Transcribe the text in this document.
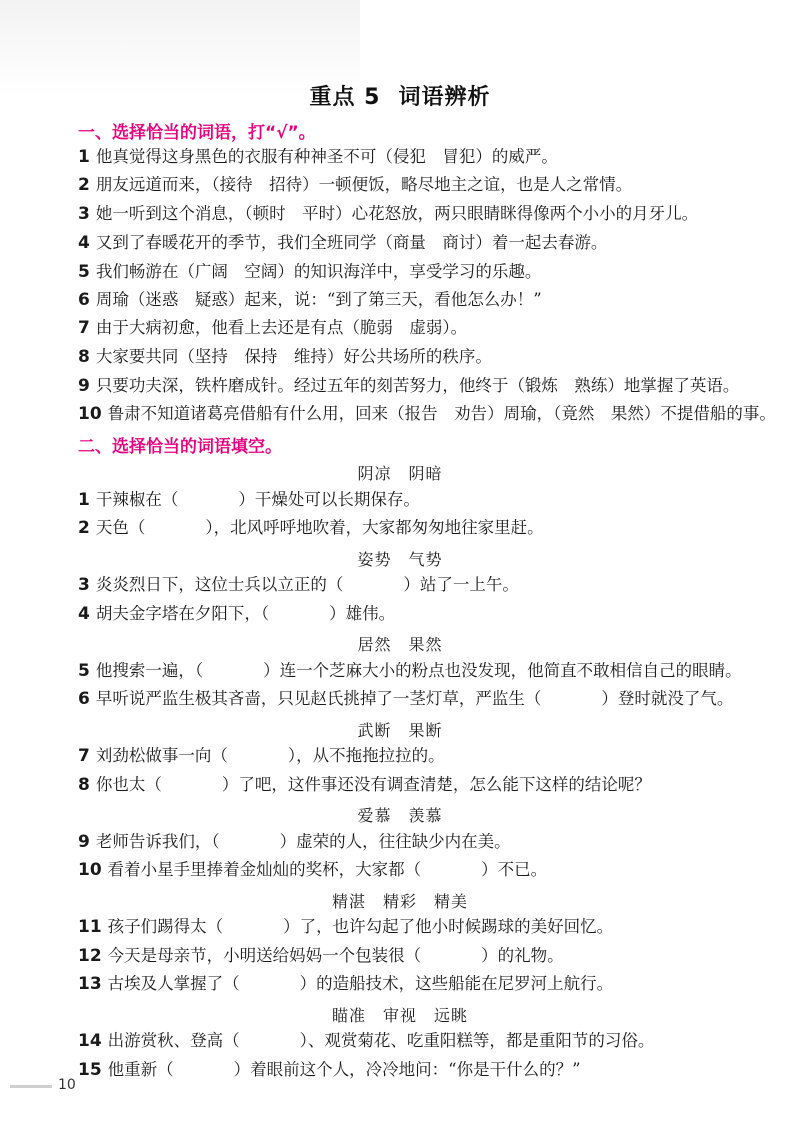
重点 5 词语辨析
一、选择恰当的词语，打“√”。
1 他真觉得这身黑色的衣服有种神圣不可（侵犯　冒犯）的威严。
2 朋友远道而来，（接待　招待）一顿便饭，略尽地主之谊，也是人之常情。
3 她一听到这个消息，（顿时　平时）心花怒放，两只眼睛眯得像两个小小的月牙儿。
4 又到了春暖花开的季节，我们全班同学（商量　商讨）着一起去春游。
5 我们畅游在（广阔　空阔）的知识海洋中，享受学习的乐趣。
6 周瑜（迷惑　疑惑）起来，说：“到了第三天，看他怎么办！”
7 由于大病初愈，他看上去还是有点（脆弱　虚弱）。
8 大家要共同（坚持　保持　维持）好公共场所的秩序。
9 只要功夫深，铁杵磨成针。经过五年的刻苦努力，他终于（锻炼　熟练）地掌握了英语。
10 鲁肃不知道诸葛亮借船有什么用，回来（报告　劝告）周瑜，（竟然　果然）不提借船的事。
二、选择恰当的词语填空。
阴凉　阴暗
1 干辣椒在（	）干燥处可以长期保存。
2 天色（	），北风呼呼地吹着，大家都匆匆地往家里赶。
姿势　气势
3 炎炎烈日下，这位士兵以立正的（	）站了一上午。
4 胡夫金字塔在夕阳下，（	）雄伟。
居然　果然
5 他搜索一遍，（	）连一个芝麻大小的粉点也没发现，他简直不敢相信自己的眼睛。
6 早听说严监生极其吝啬，只见赵氏挑掉了一茎灯草，严监生（	）登时就没了气。
武断　果断
7 刘劲松做事一向（	），从不拖拖拉拉的。
8 你也太（	）了吧，这件事还没有调查清楚，怎么能下这样的结论呢？
爱慕　羡慕
9 老师告诉我们，（	）虚荣的人，往往缺少内在美。
10 看着小星手里捧着金灿灿的奖杯，大家都（	）不已。
精湛　精彩　精美
11 孩子们踢得太（	）了，也许勾起了他小时候踢球的美好回忆。
12 今天是母亲节，小明送给妈妈一个包装很（	）的礼物。
13 古埃及人掌握了（	）的造船技术，这些船能在尼罗河上航行。
瞄准　审视　远眺
14 出游赏秋、登高（	）、观赏菊花、吃重阳糕等，都是重阳节的习俗。
15 他重新（	）着眼前这个人，冷冷地问：“你是干什么的？”
10
